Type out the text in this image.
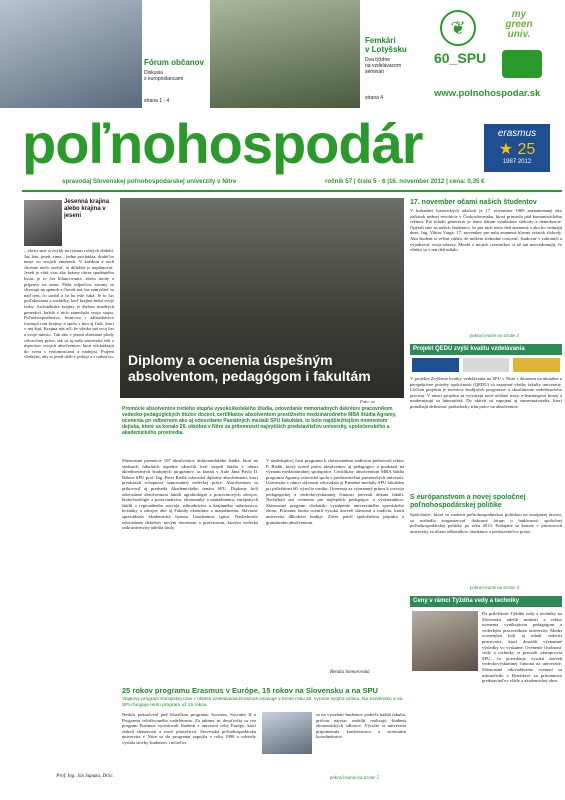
Fórum občanov
Diskusia
s europoslancami
strana 1 - 4
Femkári
v Lotyšsku
Dva týždne
na vzdelávacom
seminári
strana 4
❦
my
green
univ.
60_SPU
www.polnohospodar.sk
poľnohospodár	erasmus
★ 25
1987 2012
spravodaj Slovenskej poľnohospodárskej univerzity v Nitre	ročník 57 | číslo 5 - 6 |16. november 2012 | cena: 0,35 €
Jesenná krajina alebo krajina v jeseni
– všetci sme si zvykli na rytmus ročných období. Jar, leto, jeseň, zima – jedno prichádza, druhé ho nesie vo svojich zmenách. V každom z nich chceme niečo urobiť, to dôležité je naplánovať. Jeseň je však viac ako krásny obraz spadnutého lístia, je to čas bilancovania, zberu úrody a prípravy na zimu. Pôda odpočíva, stromy sa chystajú na spánok a človek má čas zamyslieť sa nad tým, čo urobil a čo ho ešte čaká. Je to čas poďakovania a rozlúčky, keď krajina mení svoje farby. Architektúra krajiny je dielom mnohých generácií, každá z nich zanechala svoju stopu. Poľnohospodárstvo, lesníctvo i záhradníctvo formujú tvár krajiny a spolu s ňou aj ľudí, ktorí v nej žijú. Krajina nás učí, že všetko má svoj čas a svoje miesto. Tak ako v jeseni zbierame plody celoročnej práce, tak sa aj naša univerzita teší z úspechov svojich absolventov, ktorí odchádzajú do sveta s vedomosťami a nádejou. Prajem všetkým, aby si jeseň užili v pokoji a s radosťou.
Prof. Ing. Ján Supuka, DrSc.
Diplomy a ocenenia úspešným
absolventom, pedagógom i fakultám
Foto: xx
Promócie absolventov tretieho stupňa vysokoškolského štúdia, odovzdanie mimoriadnych dekrétov pracovníkom vedecko-pedagogických titulov docent, certifikátov absolventom prestížneho medzinárodného MBA štúdia Agramy, ocenenia pri odbornom ako aj odovzdanie Pamätných medailí SPU fakultám, to bolo najdôležitejším momentom dejiska, ktoré sa konalo 26. októbra v Nitre za prítomnosti najvyšších predstaviteľov univerzity, spoločenského a akademického prostredia.
Slávnostné promócie 107 absolventov doktorandského štúdia, ktorí na siedmich fakultách úspešne ukončili tretí stupeň štúdia v rámci akreditovaných študijných programov, sa konali v Aule Jána Pavla II. Rektor SPU prof. Ing. Peter Bielik odovzdal diplomy absolventom, ktorí preukázali schopnosť samostatnej vedeckej práce. Absolventom sa prihovoril aj predseda Akademického senátu SPU. Diplomy boli odovzdané absolventom fakúlt agrobiológie a potravinových zdrojov, biotechnológie a potravinárstva, ekonomiky a manažmentu, európskych štúdií a regionálneho rozvoja, záhradníctva a krajinného inžinierstva, techniky a zdrojov ako aj Fakulty ekonómie a manažmentu. Slávnosť sprevádzala akademická hymna Gaudeamus igitur. Nasledovalo odovzdanie dekrétov novým docentom a profesorom, ktorým vedecká rada univerzity udelila tituly.
V nasledujúcej časti programu k slávnostnému auditóriu prehovoril rektor P. Bielik, ktorý ocenil prácu absolventov aj pedagógov, a poukázal na význam medzinárodnej spolupráce. Certifikáty absolventom MBA štúdia programu Agramy odovzdal spolu s predstaviteľmi partnerských univerzít. Univerzita v rámci slávnosti odovzdala aj Pamätné medaily SPU fakultám pri príležitosti 60. výročia vzniku. Ocenenia za významný prínos k rozvoju pedagogickej a vedeckovýskumnej činnosti prevzali dekani fakúlt. Nechýbali ani ocenenia pre najlepších pedagógov a výskumníkov. Slávnostný program obohatilo vystúpenie univerzitného speváckeho zboru. Prítomní hostia ocenili vysokú úroveň slávnosti a tradíciu, ktorú univerzita dlhodobo buduje. Záver patril spoločnému prípitku a gratuláciám absolventom.
Renáta Somorovská
25 rokov programu Erasmus v Európe, 15 rokov na Slovensku a na SPU
Vlajkový program Európskej únie v oblasti vzdelávania Erasmus oslavuje v tomto roku 25. výročie svojho vzniku. Na Slovensku a na SPU funguje tento program už 15 rokov.
Neskôr pokračoval pod hlavičkou programu Socrates, Socrates II a Programu celoživotného vzdelávania. Za takmer tri desaťročia sa cez program Erasmus vycestovali študenti z univerzít celej Európy, ktorí získali skúsenosti a nové priateľstvá. Slovenská poľnohospodárska univerzita v Nitre sa do programu zapojila v roku 1998 a odvtedy vyslala stovky študentov i učiteľov.
sa na vysielaní študentov podieľa každá fakulta, pričom najviac mobilít realizujú študenti ekonomických odborov. Výročie si univerzita pripomenula konferenciou a stretnutím koordinátorov.
pokračovanie na strane 5
17. november očami našich študentov
V kalendári historických udalostí je 17. november 1989 zaznamenaný ako začiatok nežnej revolúcie v Československu, ktorá priniesla pád komunistického režimu. Pre mladú generáciu je tento dátum symbolom slobody a demokracie. Opýtali sme sa našich študentov, čo pre nich tento deň znamená a ako ho vnímajú dnes. Ing. Viktor Varga: 17. november pre mňa znamená hlavne sviatok slobody. Ako študent si veľmi vážim, že môžem slobodne cestovať, študovať v zahraničí a vyjadrovať svoje názory. Mnohí z mojich rovesníkov si už ani neuvedomujú, čo všetko sa v ten deň udialo.
pokračovanie na strane 3
Projekt QEDU zvýši kvalitu vzdelávania
V projekte Zvýšenie kvality vzdelávania na SPU v Nitre s dôrazom na aktuálne a perspektívne potreby spoločnosti (QEDU) sú zapojené všetky fakulty univerzity. Cieľom projektu je inovácia študijných programov a skvalitnenie vzdelávacieho procesu. V rámci projektu sa vytvárajú nové učebné texty, e-learningové kurzy a modernizujú sa laboratóriá. Do aktivít sú zapojení aj zamestnávatelia, ktorí pomáhajú definovať požiadavky trhu práce na absolventov.
S európanstvom a novej spoločnej poľnohospodárskej politike
Spoločnosť, ktorá sa zaoberá poľnohospodárskou politikou na európskej úrovni, sa rozhodla zorganizovať diskusné fórum o budúcnosti spoločnej poľnohospodárskej politiky po roku 2013. Podujatie sa konalo v priestoroch univerzity za účasti odborníkov, študentov a predstaviteľov praxe.
pokračovanie na strane 4
Ceny v rámci Týždňa vedy a techniky
Pri príležitosti Týždňa vedy a techniky na Slovensku udelili ministri a rektor ocenenia vynikajúcim pedagógom a vedeckým pracovníkom univerzity. Medzi ocenenými boli aj mladí vedeckí pracovníci, ktorí dosiahli významné výsledky vo výskume. Ocenenie Osobnosť vedy a techniky si prevzali zástupcovia SPU, čo potvrdzuje vysokú úroveň vedeckovýskumnej činnosti na univerzite. Slávnostné odovzdávanie ocenení sa uskutočnilo v Bratislave za prítomnosti predstaviteľov vlády a akademickej obce.
